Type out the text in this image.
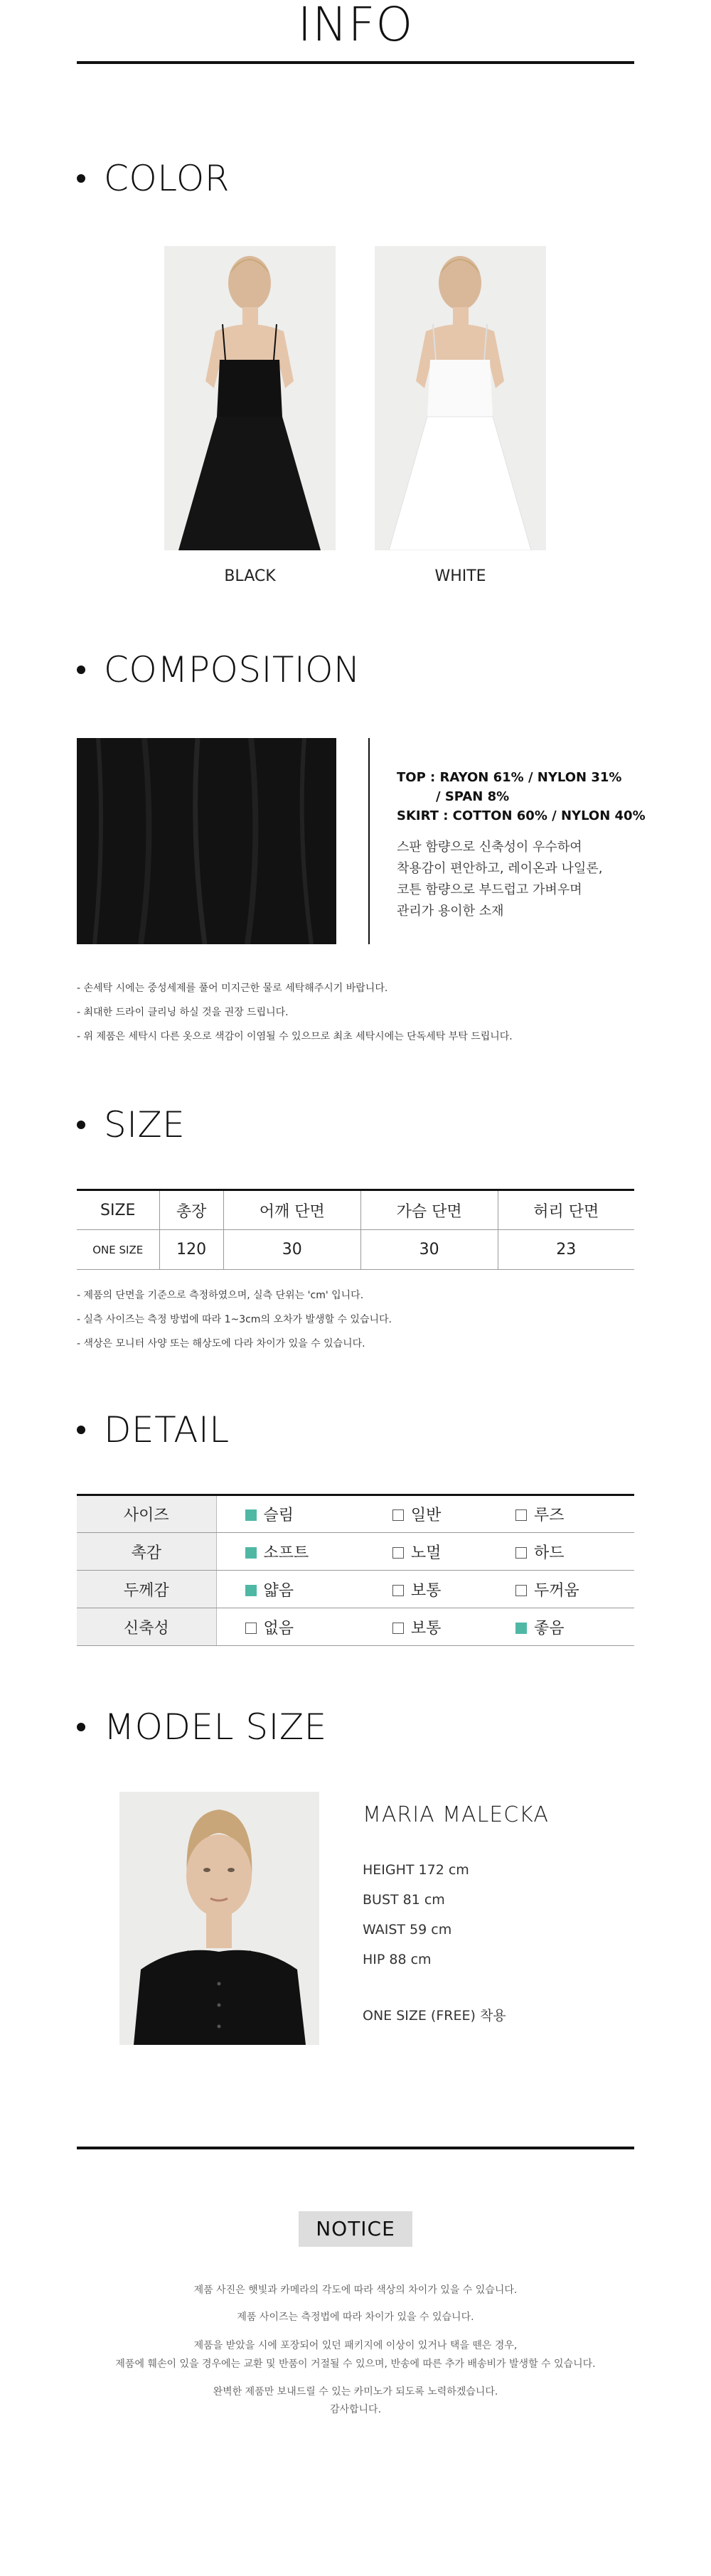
INFO
COLOR
BLACK	WHITE
COMPOSITION
TOP : RAYON 61% / NYLON 31%
/ SPAN 8%
SKIRT : COTTON 60% / NYLON 40%
스판 함량으로 신축성이 우수하여
착용감이 편안하고, 레이온과 나일론,
코튼 함량으로 부드럽고 가벼우며
관리가 용이한 소재
- 손세탁 시에는 중성세제를 풀어 미지근한 물로 세탁해주시기 바랍니다.
- 최대한 드라이 클리닝 하실 것을 권장 드립니다.
- 위 제품은 세탁시 다른 옷으로 색감이 이염될 수 있으므로 최초 세탁시에는 단독세탁 부탁 드립니다.
SIZE
SIZE	총장	어깨 단면	가슴 단면	허리 단면
ONE SIZE	120	30	30	23
- 제품의 단면을 기준으로 측정하였으며, 실측 단위는 'cm' 입니다.
- 실측 사이즈는 측정 방법에 따라 1~3cm의 오차가 발생할 수 있습니다.
- 색상은 모니터 사양 또는 해상도에 다라 차이가 있을 수 있습니다.
DETAIL
사이즈	슬림	일반	루즈
촉감	소프트	노멀	하드
두께감	얇음	보통	두꺼움
신축성	없음	보통	좋음
MODEL SIZE
MARIA MALECKA
HEIGHT 172 cm
BUST 81 cm
WAIST 59 cm
HIP 88 cm
ONE SIZE (FREE) 착용
NOTICE
제품 사진은 햇빛과 카메라의 각도에 따라 색상의 차이가 있을 수 있습니다.
제품 사이즈는 측정법에 따라 차이가 있을 수 있습니다.
제품을 받았을 시에 포장되어 있던 패키지에 이상이 있거나 택을 뗀은 경우,
제품에 훼손이 있을 경우에는 교환 및 반품이 거절될 수 있으며, 반송에 따른 추가 배송비가 발생할 수 있습니다.
완벽한 제품만 보내드릴 수 있는 카미노가 되도록 노력하겠습니다.
감사합니다.
